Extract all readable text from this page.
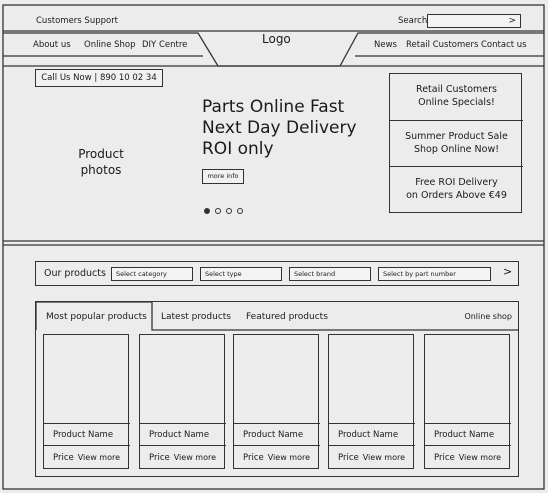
Customers Support	Search	>
About us Online Shop DIY Centre	Logo	News Retail Customers Contact us
Call Us Now | 890 10 02 34
Product photos
Parts Online Fast
Next Day Delivery
ROI only
more info
Retail Customers
Online Specials!
Summer Product Sale
Shop Online Now!
Free ROI Delivery
on Orders Above €49
Our products	Select category	Select type	Select brand	Select by part number	>
Most popular products Latest products Featured products	Online shop
Product Name
Price View more
Product Name
Price View more
Product Name
Price View more
Product Name
Price View more
Product Name
Price View more
